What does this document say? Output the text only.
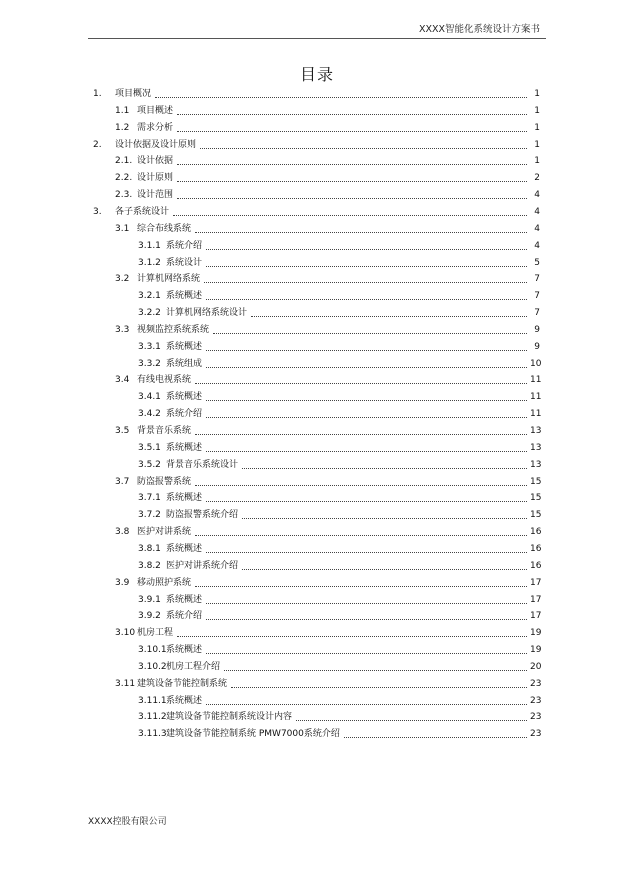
XXXX智能化系统设计方案书
目录
1.	项目概况	1
1.1 项目概述	1
1.2 需求分析	1
2.	设计依据及设计原则	1
2.1. 设计依据	1
2.2. 设计原则	2
2.3. 设计范围	4
3.	各子系统设计	4
3.1 综合布线系统	4
3.1.1 系统介绍	4
3.1.2 系统设计	5
3.2 计算机网络系统	7
3.2.1 系统概述	7
3.2.2 计算机网络系统设计	7
3.3 视频监控系统系统	9
3.3.1 系统概述	9
3.3.2 系统组成	10
3.4 有线电视系统	11
3.4.1 系统概述	11
3.4.2 系统介绍	11
3.5 背景音乐系统	13
3.5.1 系统概述	13
3.5.2 背景音乐系统设计	13
3.7 防盗报警系统	15
3.7.1 系统概述	15
3.7.2 防盗报警系统介绍	15
3.8 医护对讲系统	16
3.8.1 系统概述	16
3.8.2 医护对讲系统介绍	16
3.9 移动照护系统	17
3.9.1 系统概述	17
3.9.2 系统介绍	17
3.10 机房工程	19
3.10.1 系统概述	19
3.10.2 机房工程介绍	20
3.11 建筑设备节能控制系统	23
3.11.1 系统概述	23
3.11.2 建筑设备节能控制系统设计内容	23
3.11.3 建筑设备节能控制系统 PMW7000系统介绍	23
XXXX控股有限公司
